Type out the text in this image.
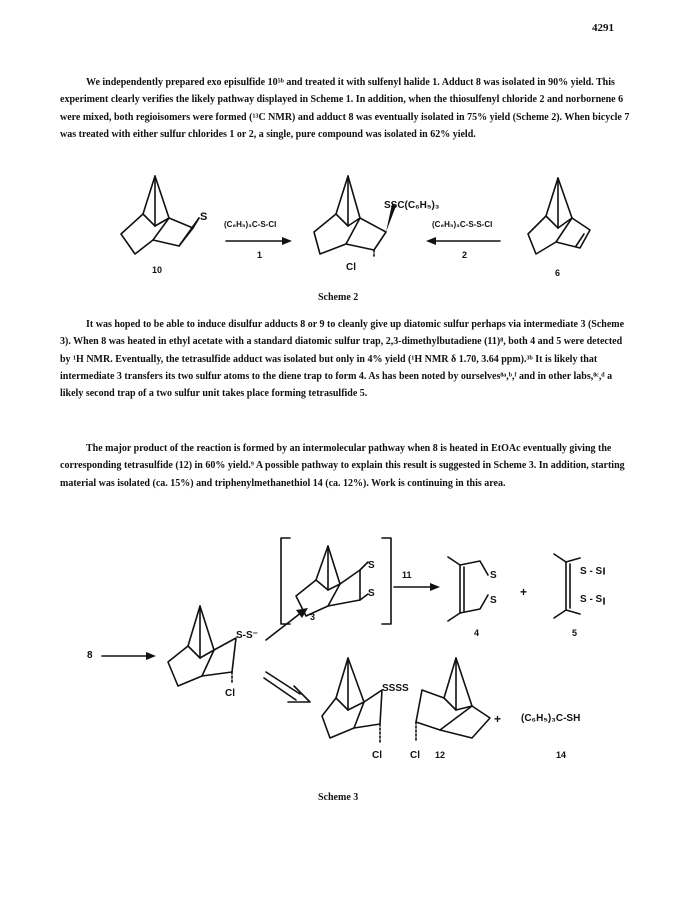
4291

We independently prepared exo episulfide 10⁵ᵇ and treated it with sulfenyl halide 1. Adduct 8 was isolated in 90% yield. This experiment clearly verifies the likely pathway displayed in Scheme 1. In addition, when the thiosulfenyl chloride 2 and norbornene 6 were mixed, both regioisomers were formed (¹³C NMR) and adduct 8 was eventually isolated in 75% yield (Scheme 2). When bicycle 7 was treated with either sulfur chlorides 1 or 2, a single, pure compound was isolated in 62% yield.

S
10
(C₆H₅)₃C-S-Cl
1
SSC(C₆H₅)₃
Cl
(C₆H₅)₃C-S-S-Cl
2
6
Scheme 2

It was hoped to be able to induce disulfur adducts 8 or 9 to cleanly give up diatomic sulfur perhaps via intermediate 3 (Scheme 3). When 8 was heated in ethyl acetate with a standard diatomic sulfur trap, 2,3-dimethylbutadiene (11)⁸, both 4 and 5 were detected by ¹H NMR. Eventually, the tetrasulfide adduct was isolated but only in 4% yield (¹H NMR δ 1.70, 3.64 ppm).³ᵇ It is likely that intermediate 3 transfers its two sulfur atoms to the diene trap to form 4. As has been noted by ourselves⁸ᵃ,ᵇ,ᶠ and in other labs,⁸ᶜ,ᵈ a likely second trap of a two sulfur unit takes place forming tetrasulfide 5.

The major product of the reaction is formed by an intermolecular pathway when 8 is heated in EtOAc eventually giving the corresponding tetrasulfide (12) in 60% yield.⁹ A possible pathway to explain this result is suggested in Scheme 3. In addition, starting material was isolated (ca. 15%) and triphenylmethanethiol 14 (ca. 12%). Work is continuing in this area.

8
S-S⁻
Cl
S
S
3
11	S
S
4
+
S - S
S - S
5
SSSS
Cl	Cl 12
+ (C₆H₅)₃C-SH
14
Scheme 3
